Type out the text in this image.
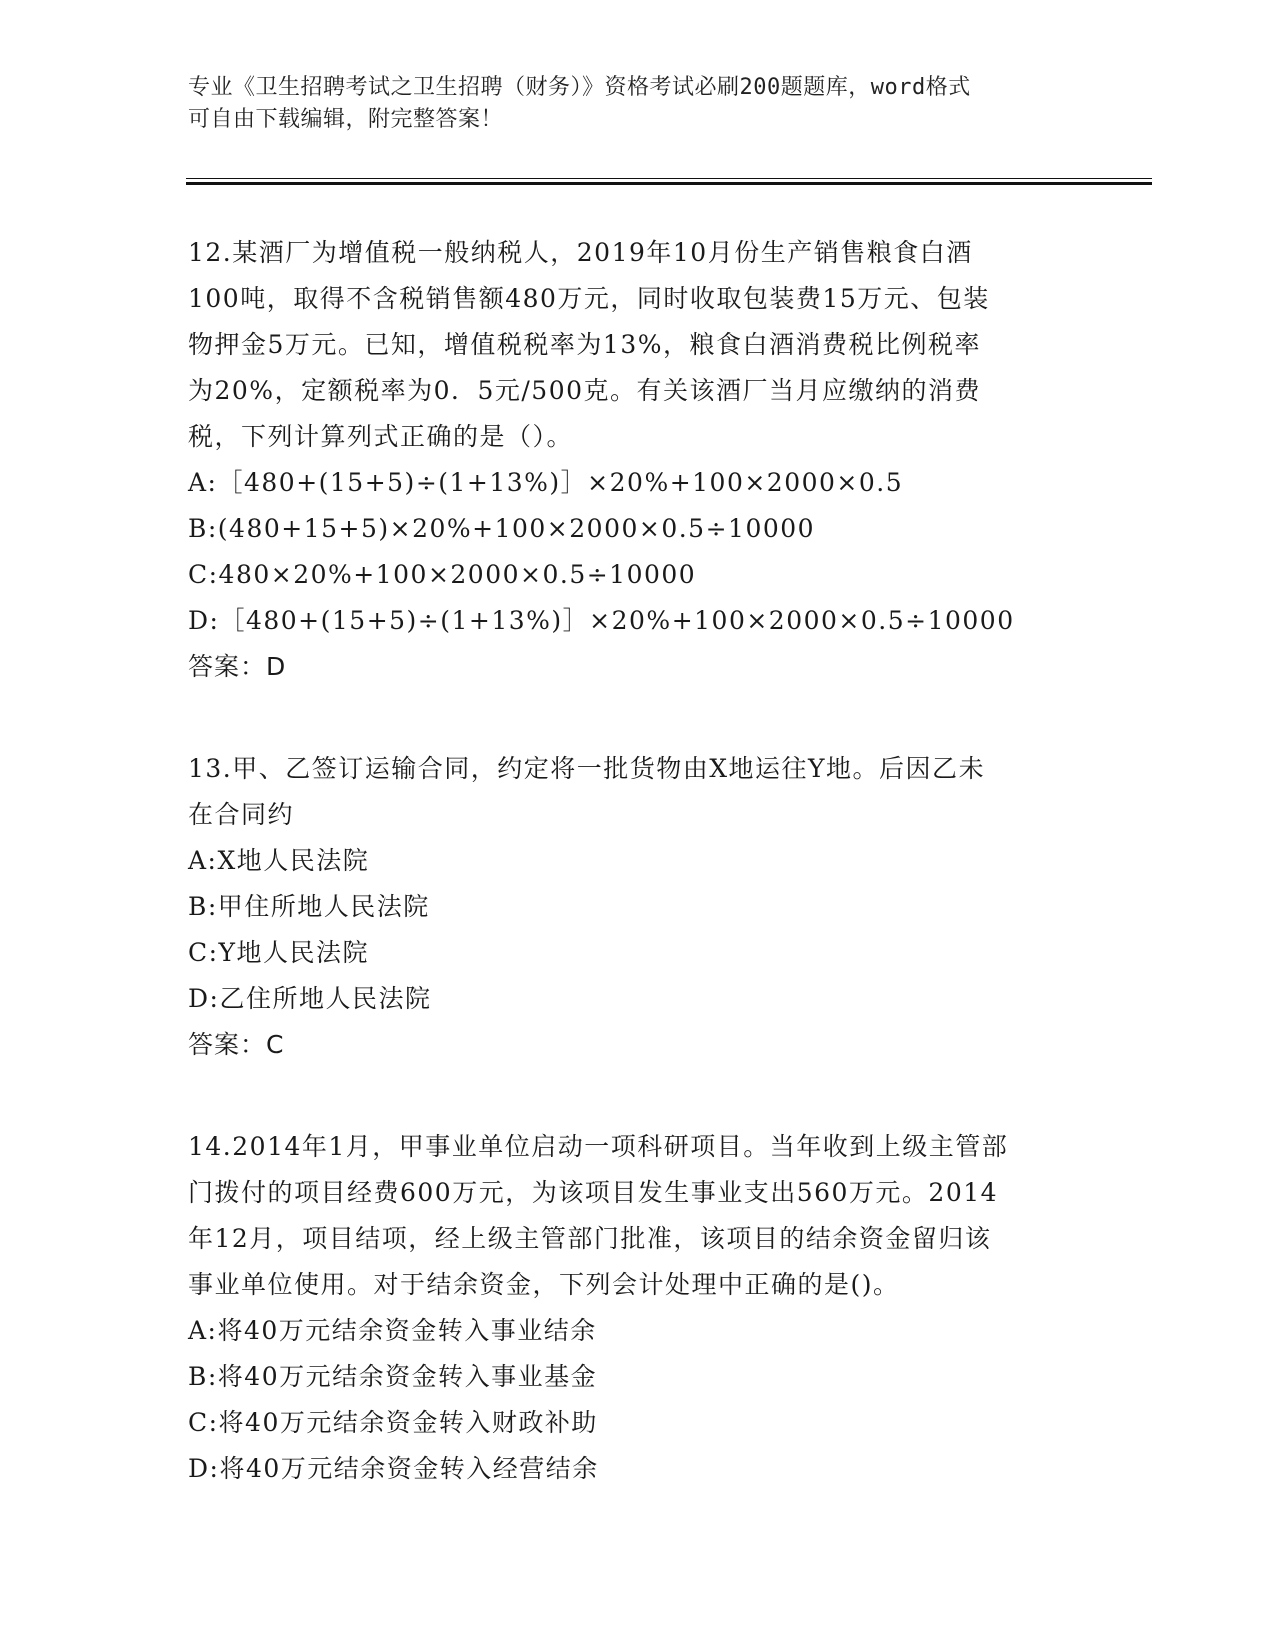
专业《卫生招聘考试之卫生招聘（财务）》资格考试必刷200题题库，word格式
可自由下载编辑，附完整答案！
12.某酒厂为增值税一般纳税人，2019年10月份生产销售粮食白酒
100吨，取得不含税销售额480万元，同时收取包装费15万元、包装
物押金5万元。已知，增值税税率为13%，粮食白酒消费税比例税率
为20%，定额税率为0．5元/500克。有关该酒厂当月应缴纳的消费
税，下列计算列式正确的是（）。
A:［480+(15+5)÷(1+13%)］×20%+100×2000×0.5
B:(480+15+5)×20%+100×2000×0.5÷10000
C:480×20%+100×2000×0.5÷10000
D:［480+(15+5)÷(1+13%)］×20%+100×2000×0.5÷10000
答案：D
13.甲、乙签订运输合同，约定将一批货物由X地运往Y地。后因乙未
在合同约
A:X地人民法院
B:甲住所地人民法院
C:Y地人民法院
D:乙住所地人民法院
答案：C
14.2014年1月，甲事业单位启动一项科研项目。当年收到上级主管部
门拨付的项目经费600万元，为该项目发生事业支出560万元。2014
年12月，项目结项，经上级主管部门批准，该项目的结余资金留归该
事业单位使用。对于结余资金，下列会计处理中正确的是()。
A:将40万元结余资金转入事业结余
B:将40万元结余资金转入事业基金
C:将40万元结余资金转入财政补助
D:将40万元结余资金转入经营结余
